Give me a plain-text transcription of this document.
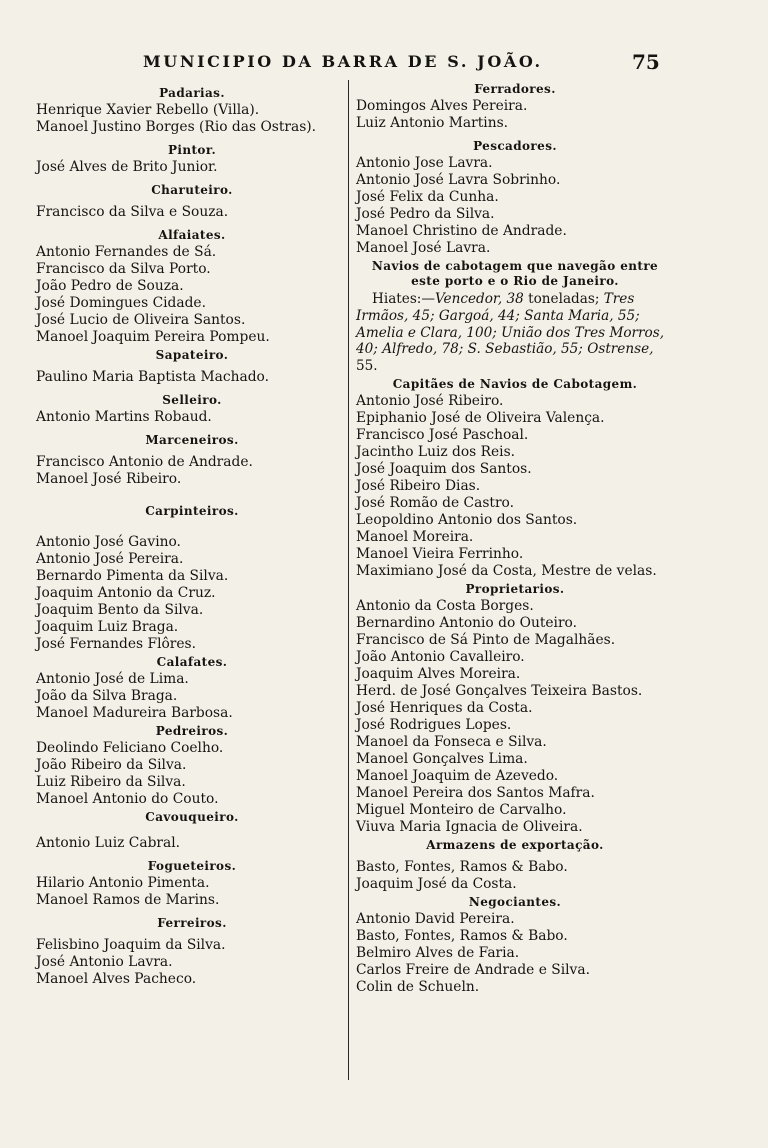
MUNICIPIO DA BARRA DE S. JOÃO.	75
Padarias.
Henrique Xavier Rebello (Villa).
Manoel Justino Borges (Rio das Ostras).
Pintor.
José Alves de Brito Junior.
Charuteiro.
Francisco da Silva e Souza.
Alfaiates.
Antonio Fernandes de Sá.
Francisco da Silva Porto.
João Pedro de Souza.
José Domingues Cidade.
José Lucio de Oliveira Santos.
Manoel Joaquim Pereira Pompeu.
Sapateiro.
Paulino Maria Baptista Machado.
Selleiro.
Antonio Martins Robaud.
Marceneiros.
Francisco Antonio de Andrade.
Manoel José Ribeiro.
Carpinteiros.
Antonio José Gavino.
Antonio José Pereira.
Bernardo Pimenta da Silva.
Joaquim Antonio da Cruz.
Joaquim Bento da Silva.
Joaquim Luiz Braga.
José Fernandes Flôres.
Calafates.
Antonio José de Lima.
João da Silva Braga.
Manoel Madureira Barbosa.
Pedreiros.
Deolindo Feliciano Coelho.
João Ribeiro da Silva.
Luiz Ribeiro da Silva.
Manoel Antonio do Couto.
Cavouqueiro.
Antonio Luiz Cabral.
Fogueteiros.
Hilario Antonio Pimenta.
Manoel Ramos de Marins.
Ferreiros.
Felisbino Joaquim da Silva.
José Antonio Lavra.
Manoel Alves Pacheco.
Ferradores.
Domingos Alves Pereira.
Luiz Antonio Martins.
Pescadores.
Antonio Jose Lavra.
Antonio José Lavra Sobrinho.
José Felix da Cunha.
José Pedro da Silva.
Manoel Christino de Andrade.
Manoel José Lavra.
Navios de cabotagem que navegão entre
este porto e o Rio de Janeiro.

Hiates:—Vencedor, 38 toneladas; Tres Irmãos, 45; Gargoá, 44; Santa Maria, 55; Amelia e Clara, 100; União dos Tres Morros, 40; Alfredo, 78; S. Sebastião, 55; Ostrense, 55.

Capitães de Navios de Cabotagem.
Antonio José Ribeiro.
Epiphanio José de Oliveira Valença.
Francisco José Paschoal.
Jacintho Luiz dos Reis.
José Joaquim dos Santos.
José Ribeiro Dias.
José Romão de Castro.
Leopoldino Antonio dos Santos.
Manoel Moreira.
Manoel Vieira Ferrinho.
Maximiano José da Costa, Mestre de velas.
Proprietarios.
Antonio da Costa Borges.
Bernardino Antonio do Outeiro.
Francisco de Sá Pinto de Magalhães.
João Antonio Cavalleiro.
Joaquim Alves Moreira.
Herd. de José Gonçalves Teixeira Bastos.
José Henriques da Costa.
José Rodrigues Lopes.
Manoel da Fonseca e Silva.
Manoel Gonçalves Lima.
Manoel Joaquim de Azevedo.
Manoel Pereira dos Santos Mafra.
Miguel Monteiro de Carvalho.
Viuva Maria Ignacia de Oliveira.
Armazens de exportação.
Basto, Fontes, Ramos & Babo.
Joaquim José da Costa.
Negociantes.
Antonio David Pereira.
Basto, Fontes, Ramos & Babo.
Belmiro Alves de Faria.
Carlos Freire de Andrade e Silva.
Colin de Schueln.
